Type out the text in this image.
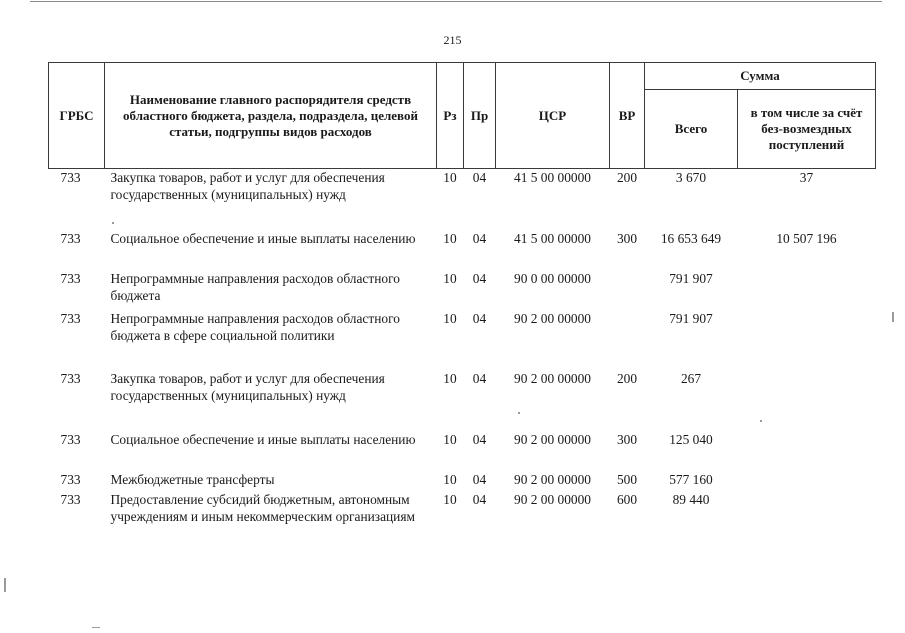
215
ГРБС	Наименование главного распорядителя средств областного бюджета, раздела, подраздела, целевой статьи, подгруппы видов расходов	Рз	Пр	ЦСР	ВР	Сумма	
						Всего	в том числе за счёт без-возмездных поступлений
733	Закупка товаров, работ и услуг для обеспечения государственных (муниципальных) нужд	10	04	41 5 00 00000	200	3 670	37
733	Социальное обеспечение и иные выплаты населению	10	04	41 5 00 00000	300	16 653 649	10 507 196
733	Непрограммные направления расходов областного бюджета	10	04	90 0 00 00000		791 907	
733	Непрограммные направления расходов областного бюджета в сфере социальной политики	10	04	90 2 00 00000		791 907	
733	Закупка товаров, работ и услуг для обеспечения государственных (муниципальных) нужд	10	04	90 2 00 00000	200	267	
733	Социальное обеспечение и иные выплаты населению	10	04	90 2 00 00000	300	125 040	
733	Межбюджетные трансферты	10	04	90 2 00 00000	500	577 160	
733	Предоставление субсидий бюджетным, автономным учреждениям и иным некоммерческим организациям	10	04	90 2 00 00000	600	89 440	
